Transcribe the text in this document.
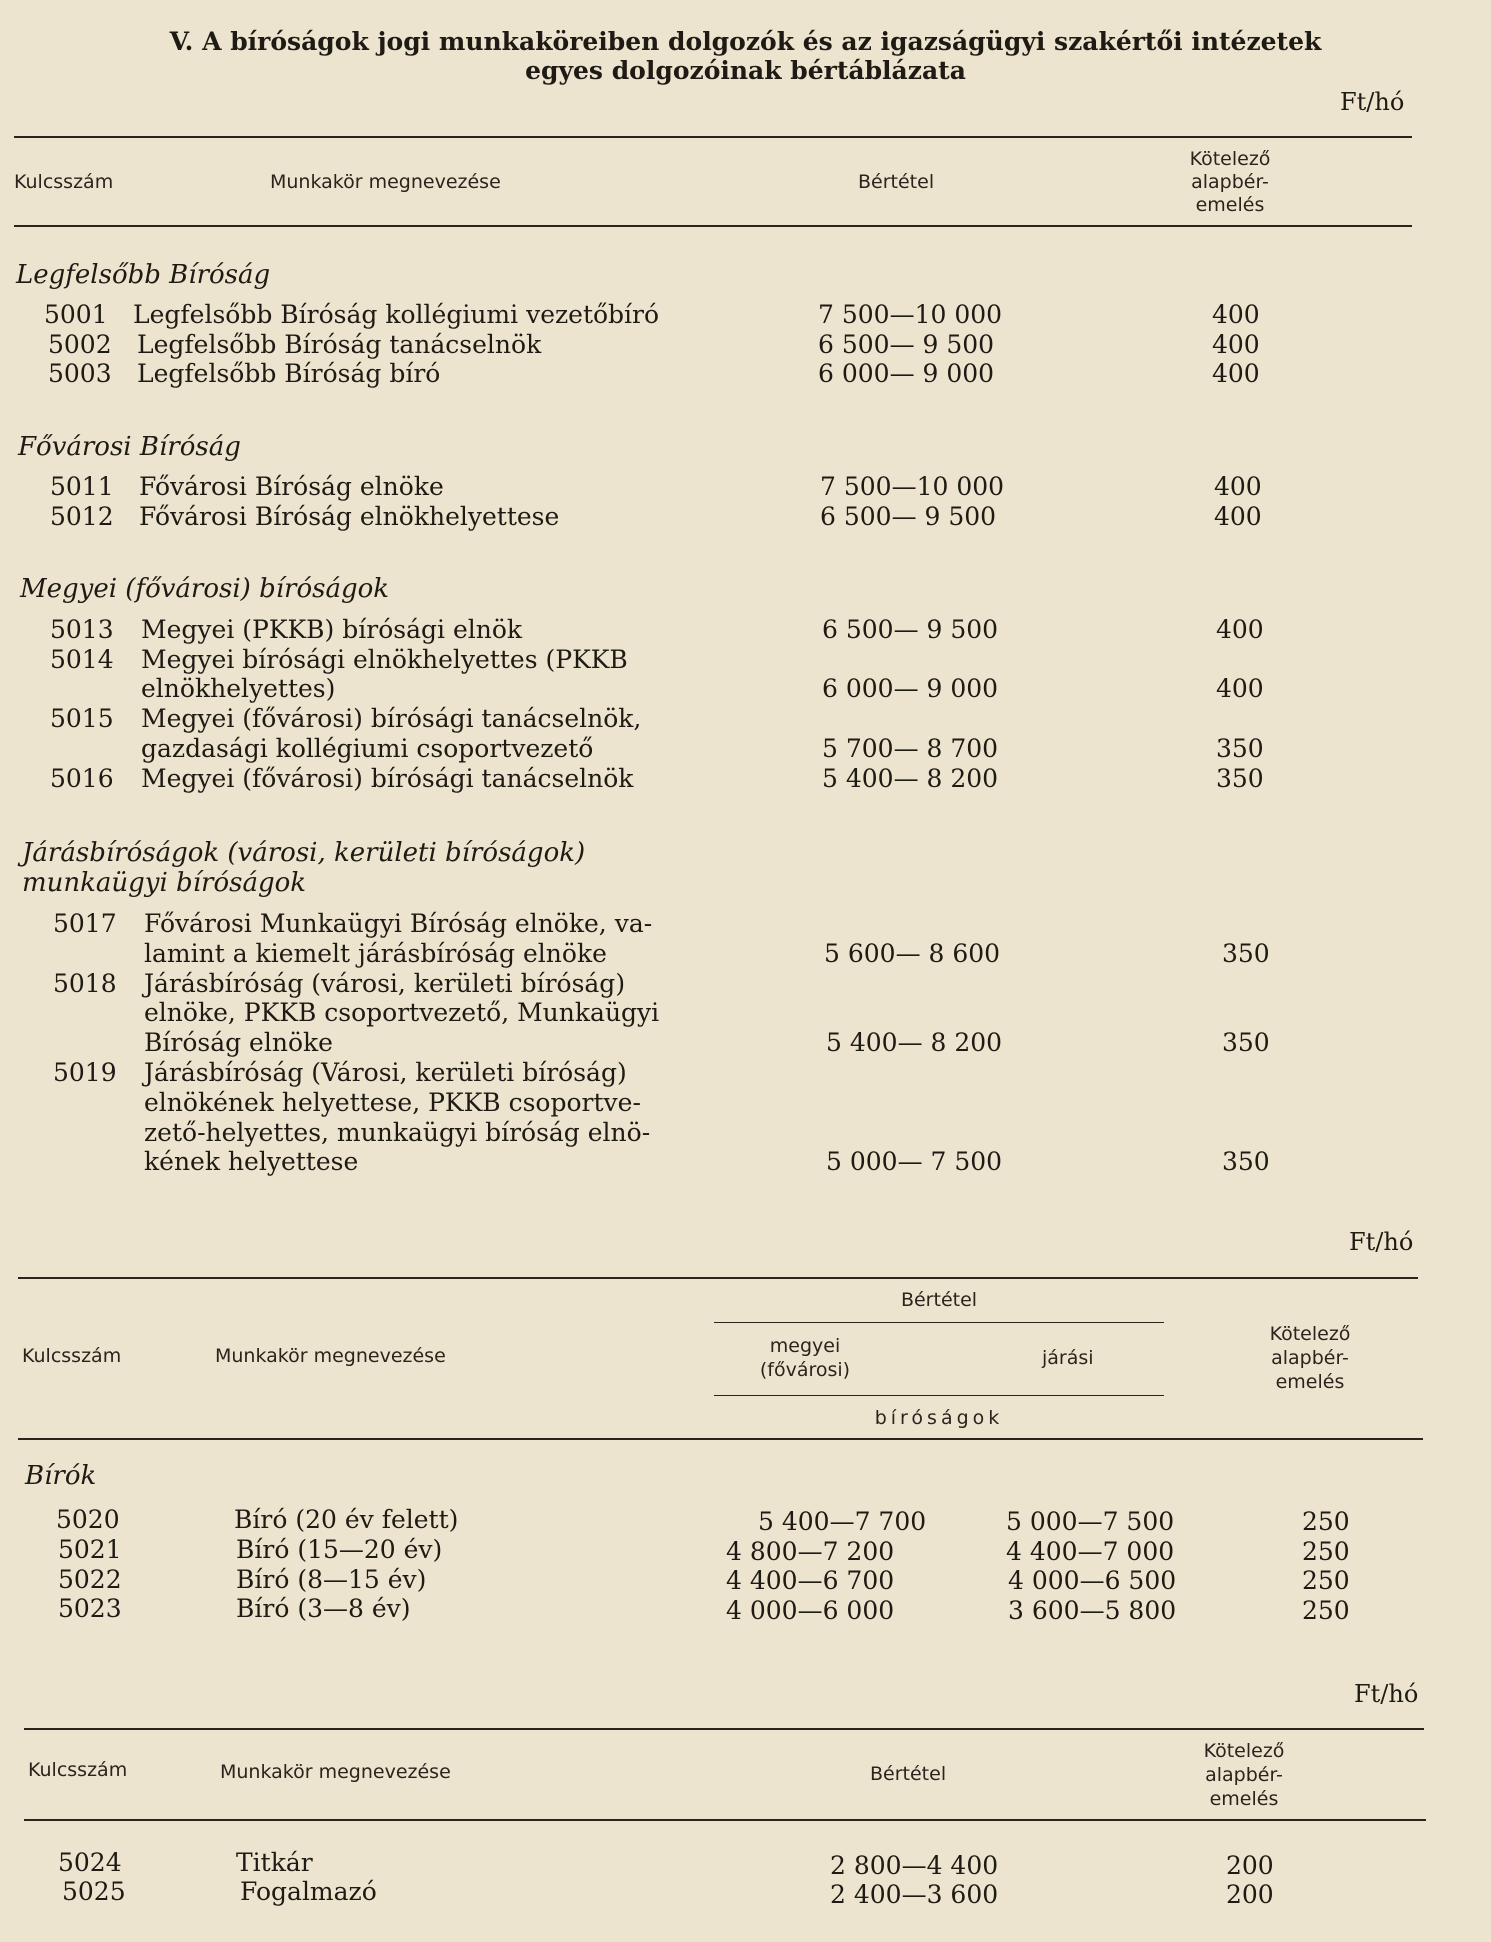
V. A bíróságok jogi munkaköreiben dolgozók és az igazságügyi szakértői intézetek
egyes dolgozóinak bértáblázata
Ft/hó
Kulcsszám	Munkakör megnevezése	Bértétel
Kötelező
alapbér-
emelés
Legfelsőbb Bíróság
5001 Legfelsőbb Bíróság kollégiumi vezetőbíró	7 500—10 000	400
5002 Legfelsőbb Bíróság tanácselnök	6 500— 9 500	400
5003 Legfelsőbb Bíróság bíró	6 000— 9 000	400
Fővárosi Bíróság
5011 Fővárosi Bíróság elnöke	7 500—10 000	400
5012 Fővárosi Bíróság elnökhelyettese	6 500— 9 500	400
Megyei (fővárosi) bíróságok
5013 Megyei (PKKB) bírósági elnök	6 500— 9 500	400
5014 Megyei bírósági elnökhelyettes (PKKB
elnökhelyettes)	6 000— 9 000	400
5015 Megyei (fővárosi) bírósági tanácselnök,
gazdasági kollégiumi csoportvezető	5 700— 8 700	350
5016 Megyei (fővárosi) bírósági tanácselnök	5 400— 8 200	350
Járásbíróságok (városi, kerületi bíróságok)
munkaügyi bíróságok
5017 Fővárosi Munkaügyi Bíróság elnöke, va-
lamint a kiemelt járásbíróság elnöke	5 600— 8 600	350
5018 Járásbíróság (városi, kerületi bíróság)
elnöke, PKKB csoportvezető, Munkaügyi
Bíróság elnöke	5 400— 8 200	350
5019 Járásbíróság (Városi, kerületi bíróság)
elnökének helyettese, PKKB csoportve-
zető-helyettes, munkaügyi bíróság elnö-
kének helyettese	5 000— 7 500	350
Ft/hó
Bértétel
Kulcsszám	Munkakör megnevezése	megyei
(fővárosi)
járási
Kötelező
alapbér-
emelés
bíróságok
Bírók
5020	Bíró (20 év felett)	5 400—7 700	5 000—7 500	250
5021	Bíró (15—20 év)	4 800—7 200	4 400—7 000	250
5022	Bíró (8—15 év)	4 400—6 700	4 000—6 500	250
5023	Bíró (3—8 év)	4 000—6 000	3 600—5 800	250
Ft/hó
Kulcsszám	Munkakör megnevezése	Bértétel
Kötelező
alapbér-
emelés
5024	Titkár	2 800—4 400	200
5025	Fogalmazó	2 400—3 600	200
